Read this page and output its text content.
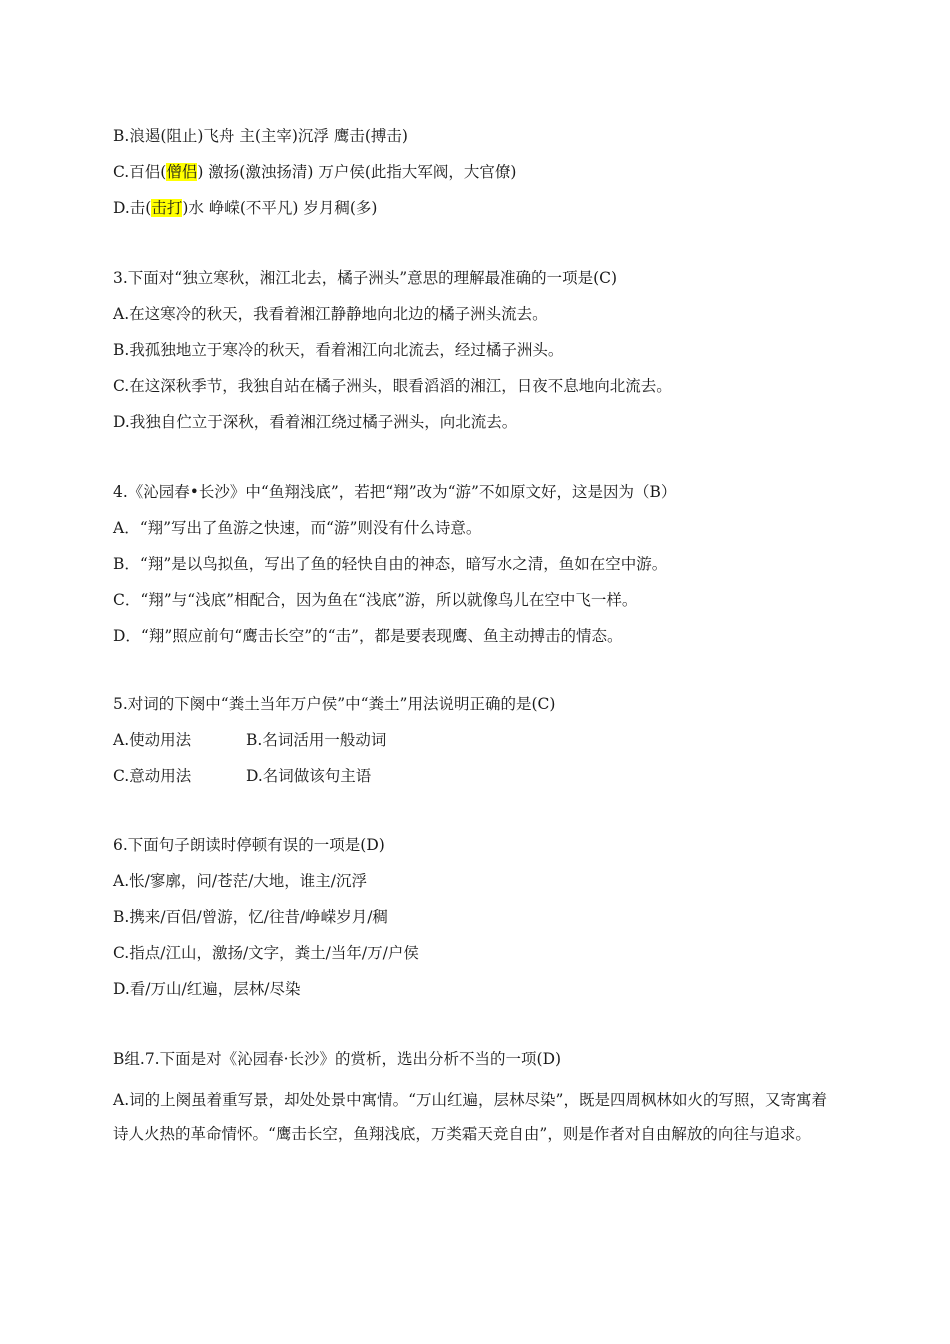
B.浪遏(阻止)飞舟 主(主宰)沉浮 鹰击(搏击)
C.百侣(僧侣) 激扬(激浊扬清) 万户侯(此指大军阀，大官僚)
D.击(击打)水 峥嵘(不平凡) 岁月稠(多)
3.下面对“独立寒秋，湘江北去，橘子洲头”意思的理解最准确的一项是(C)
A.在这寒冷的秋天，我看着湘江静静地向北边的橘子洲头流去。
B.我孤独地立于寒冷的秋天，看着湘江向北流去，经过橘子洲头。
C.在这深秋季节，我独自站在橘子洲头，眼看滔滔的湘江，日夜不息地向北流去。
D.我独自伫立于深秋，看着湘江绕过橘子洲头，向北流去。
4.《沁园春•长沙》中“鱼翔浅底”，若把“翔”改为“游”不如原文好，这是因为（B）
A．“翔”写出了鱼游之快速，而“游”则没有什么诗意。
B．“翔”是以鸟拟鱼，写出了鱼的轻快自由的神态，暗写水之清，鱼如在空中游。
C．“翔”与“浅底”相配合，因为鱼在“浅底”游，所以就像鸟儿在空中飞一样。
D．“翔”照应前句“鹰击长空”的“击”，都是要表现鹰、鱼主动搏击的情态。
5.对词的下阕中“粪土当年万户侯”中“粪土”用法说明正确的是(C)
A.使动用法	B.名词活用一般动词
C.意动用法	D.名词做该句主语
6.下面句子朗读时停顿有误的一项是(D)
A.怅/寥廓，问/苍茫/大地，谁主/沉浮
B.携来/百侣/曾游，忆/往昔/峥嵘岁月/稠
C.指点/江山，激扬/文字，粪土/当年/万/户侯
D.看/万山/红遍，层林/尽染
B组.7.下面是对《沁园春·长沙》的赏析，选出分析不当的一项(D)
A.词的上阕虽着重写景，却处处景中寓情。“万山红遍，层林尽染”，既是四周枫林如火的写照，又寄寓着诗人火热的革命情怀。“鹰击长空，鱼翔浅底，万类霜天竞自由”，则是作者对自由解放的向往与追求。
